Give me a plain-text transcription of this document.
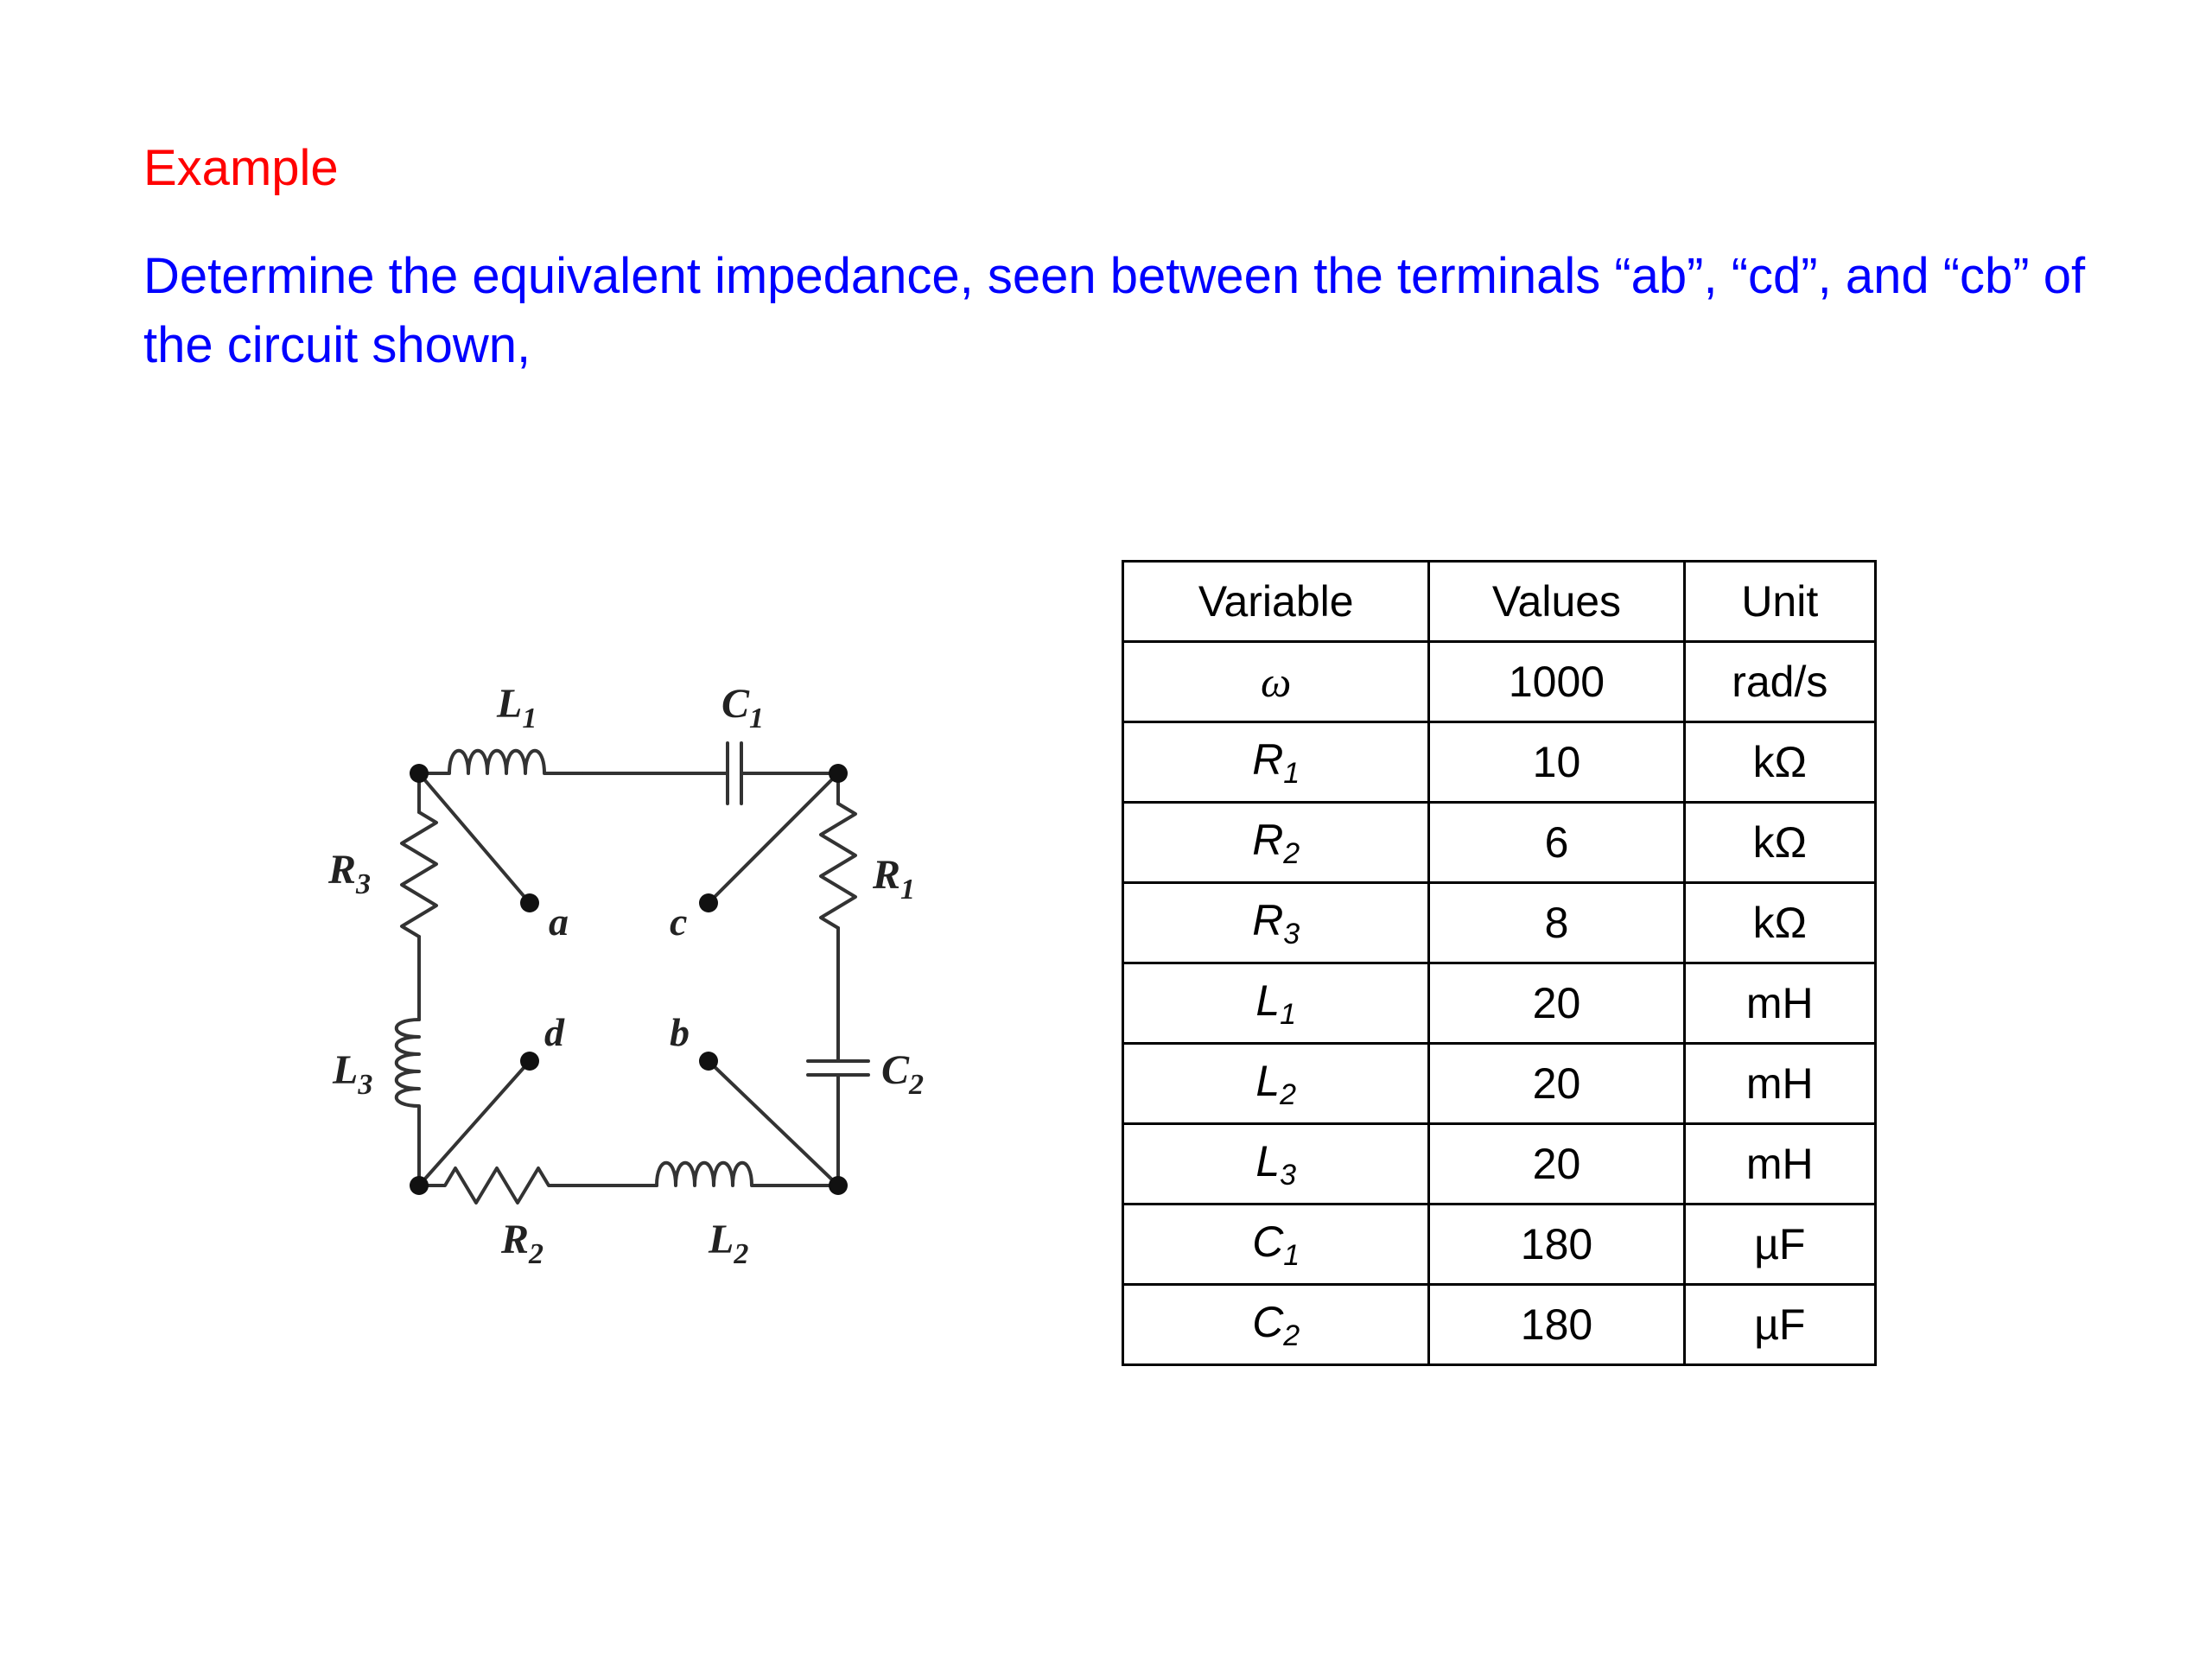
Example

Determine the equivalent impedance, seen between the terminals “ab”, “cd”, and “cb” of the circuit shown,

L1	C1
R1
C2
R2	L2
R3
L3
a	c
d	b
Variable	Values	Unit
ω	1000	rad/s
$R_1$	10	kΩ
$R_2$	6	kΩ
$R_3$	8	kΩ
$L_1$	20	mH
$L_2$	20	mH
$L_3$	20	mH
$C_1$	180	µF
$C_2$	180	µF
